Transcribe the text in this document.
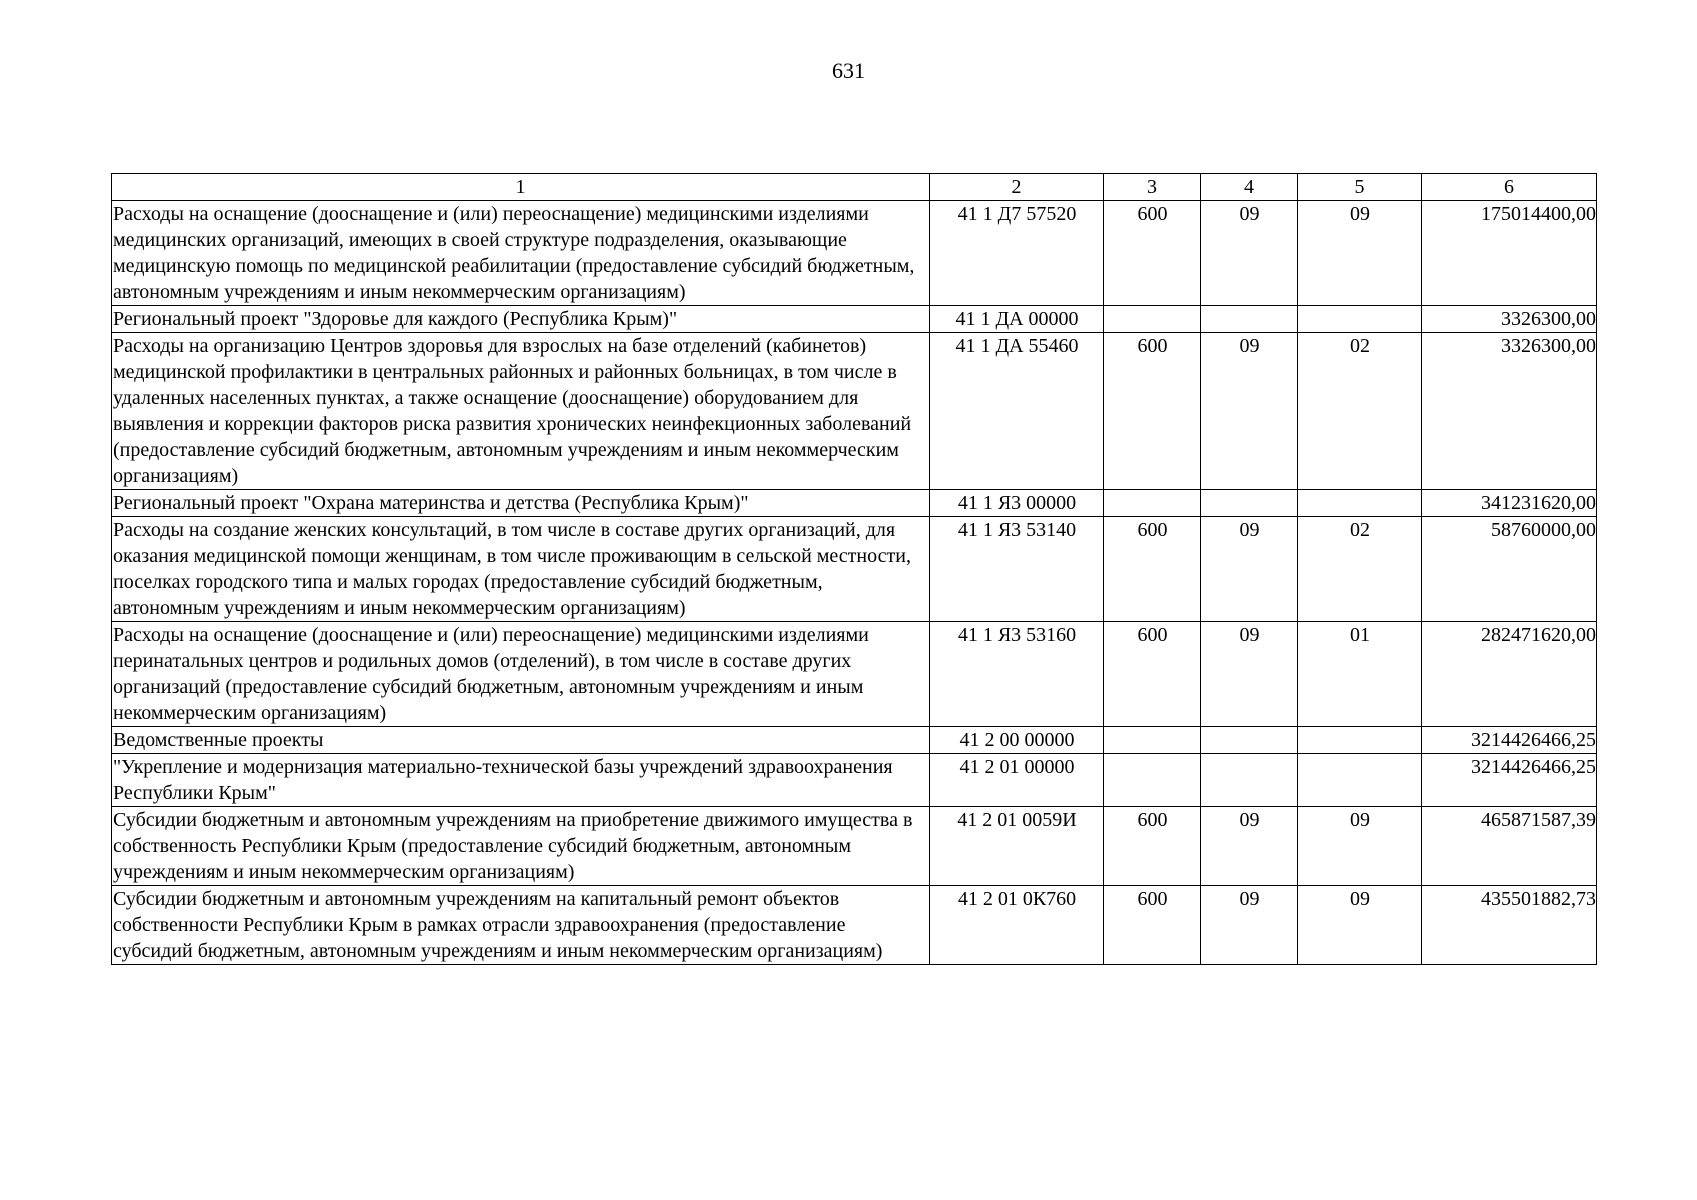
631
1	2	3	4	5	6
Расходы на оснащение (дооснащение и (или) переоснащение) медицинскими изделиями медицинских организаций, имеющих в своей структуре подразделения, оказывающие медицинскую помощь по медицинской реабилитации (предоставление субсидий бюджетным, автономным учреждениям и иным некоммерческим организациям)	41 1 Д7 57520	600	09	09	175014400,00
Региональный проект "Здоровье для каждого (Республика Крым)"	41 1 ДА 00000				3326300,00
Расходы на организацию Центров здоровья для взрослых на базе отделений (кабинетов) медицинской профилактики в центральных районных и районных больницах, в том числе в удаленных населенных пунктах, а также оснащение (дооснащение) оборудованием для выявления и коррекции факторов риска развития хронических неинфекционных заболеваний (предоставление субсидий бюджетным, автономным учреждениям и иным некоммерческим организациям)	41 1 ДА 55460	600	09	02	3326300,00
Региональный проект "Охрана материнства и детства (Республика Крым)"	41 1 Я3 00000				341231620,00
Расходы на создание женских консультаций, в том числе в составе других организаций, для оказания медицинской помощи женщинам, в том числе проживающим в сельской местности, поселках городского типа и малых городах (предоставление субсидий бюджетным, автономным учреждениям и иным некоммерческим организациям)	41 1 Я3 53140	600	09	02	58760000,00
Расходы на оснащение (дооснащение и (или) переоснащение) медицинскими изделиями перинатальных центров и родильных домов (отделений), в том числе в составе других организаций (предоставление субсидий бюджетным, автономным учреждениям и иным некоммерческим организациям)	41 1 Я3 53160	600	09	01	282471620,00
Ведомственные проекты	41 2 00 00000				3214426466,25
"Укрепление и модернизация материально-технической базы учреждений здравоохранения Республики Крым"	41 2 01 00000				3214426466,25
Субсидии бюджетным и автономным учреждениям на приобретение движимого имущества в собственность Республики Крым (предоставление субсидий бюджетным, автономным учреждениям и иным некоммерческим организациям)	41 2 01 0059И	600	09	09	465871587,39
Субсидии бюджетным и автономным учреждениям на капитальный ремонт объектов собственности Республики Крым в рамках отрасли здравоохранения (предоставление субсидий бюджетным, автономным учреждениям и иным некоммерческим организациям)	41 2 01 0К760	600	09	09	435501882,73
